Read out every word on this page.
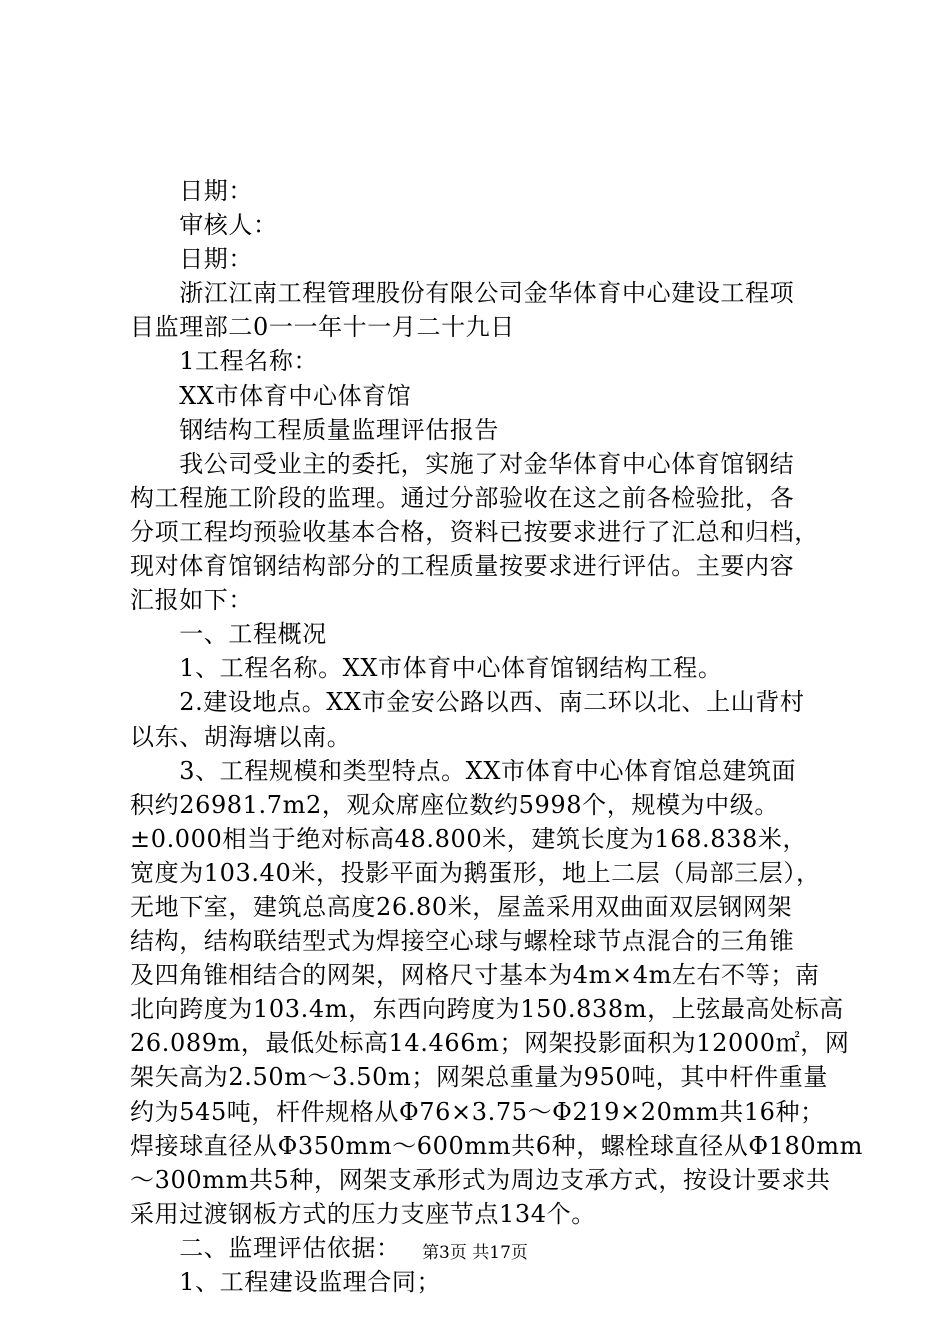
　　日期：

　　审核人：

　　日期：

　　浙江江南工程管理股份有限公司金华体育中心建设工程项

目监理部二0一一年十一月二十九日

　　1工程名称：

　　XX市体育中心体育馆

　　钢结构工程质量监理评估报告

　　我公司受业主的委托，实施了对金华体育中心体育馆钢结

构工程施工阶段的监理。通过分部验收在这之前各检验批，各

分项工程均预验收基本合格，资料已按要求进行了汇总和归档，

现对体育馆钢结构部分的工程质量按要求进行评估。主要内容

汇报如下：

　　一、工程概况

　　1、工程名称。XX市体育中心体育馆钢结构工程。

　　2.建设地点。XX市金安公路以西、南二环以北、上山背村

以东、胡海塘以南。

　　3、工程规模和类型特点。XX市体育中心体育馆总建筑面

积约26981.7m2，观众席座位数约5998个，规模为中级。

±0.000相当于绝对标高48.800米，建筑长度为168.838米，

宽度为103.40米，投影平面为鹅蛋形，地上二层（局部三层），

无地下室，建筑总高度26.80米，屋盖采用双曲面双层钢网架

结构，结构联结型式为焊接空心球与螺栓球节点混合的三角锥

及四角锥相结合的网架，网格尺寸基本为4m×4m左右不等；南

北向跨度为103.4m，东西向跨度为150.838m，上弦最高处标高

26.089m，最低处标高14.466m；网架投影面积为12000㎡，网

架矢高为2.50m～3.50m；网架总重量为950吨，其中杆件重量

约为545吨，杆件规格从Φ76×3.75～Φ219×20mm共16种；

焊接球直径从Φ350mm～600mm共6种，螺栓球直径从Φ180mm

～300mm共5种，网架支承形式为周边支承方式，按设计要求共

采用过渡钢板方式的压力支座节点134个。

　　二、监理评估依据：

　　1、工程建设监理合同；

第3页 共17页
